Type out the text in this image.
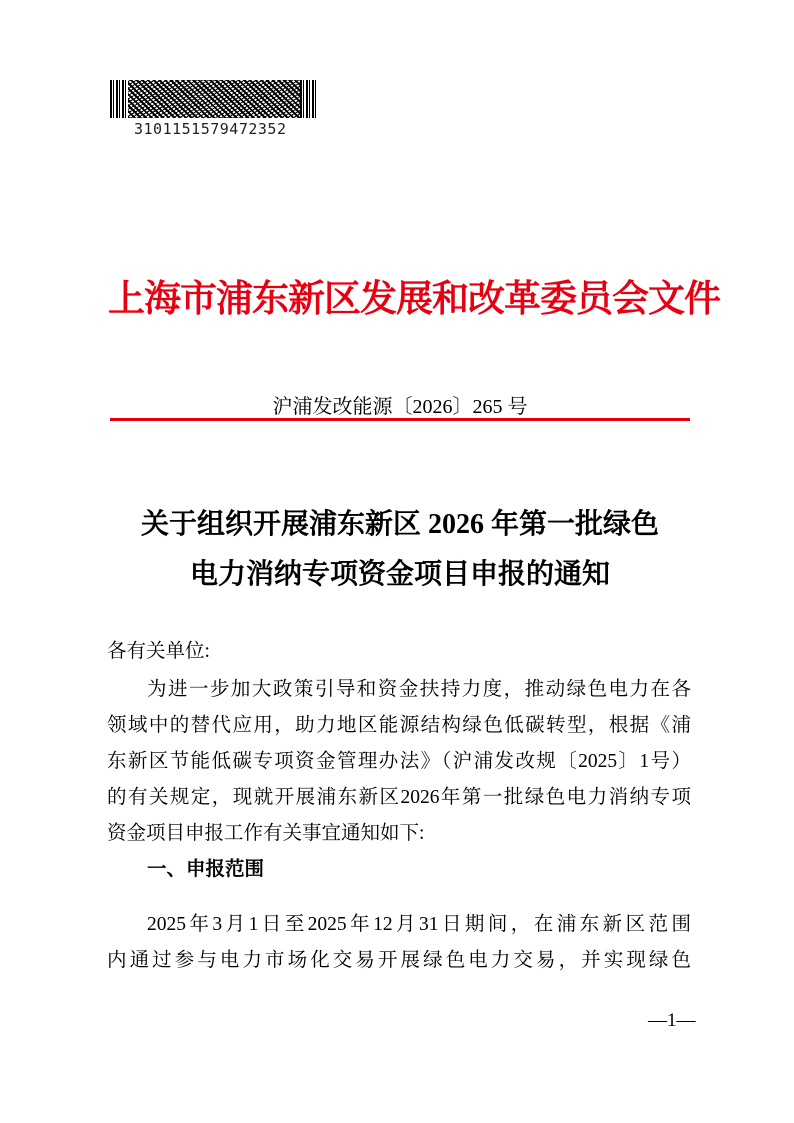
3101151579472352
上海市浦东新区发展和改革委员会文件
沪浦发改能源〔2026〕265 号
关于组织开展浦东新区 2026 年第一批绿色
电力消纳专项资金项目申报的通知
各有关单位:
为进一步加大政策引导和资金扶持力度，推动绿色电力在各
领域中的替代应用，助力地区能源结构绿色低碳转型，根据《浦
东新区节能低碳专项资金管理办法》（沪浦发改规〔2025〕1号）
的有关规定，现就开展浦东新区2026年第一批绿色电力消纳专项
资金项目申报工作有关事宜通知如下:
一、申报范围
2025年3月1日至2025年12月31日期间，在浦东新区范围
内通过参与电力市场化交易开展绿色电力交易，并实现绿色
—1—
